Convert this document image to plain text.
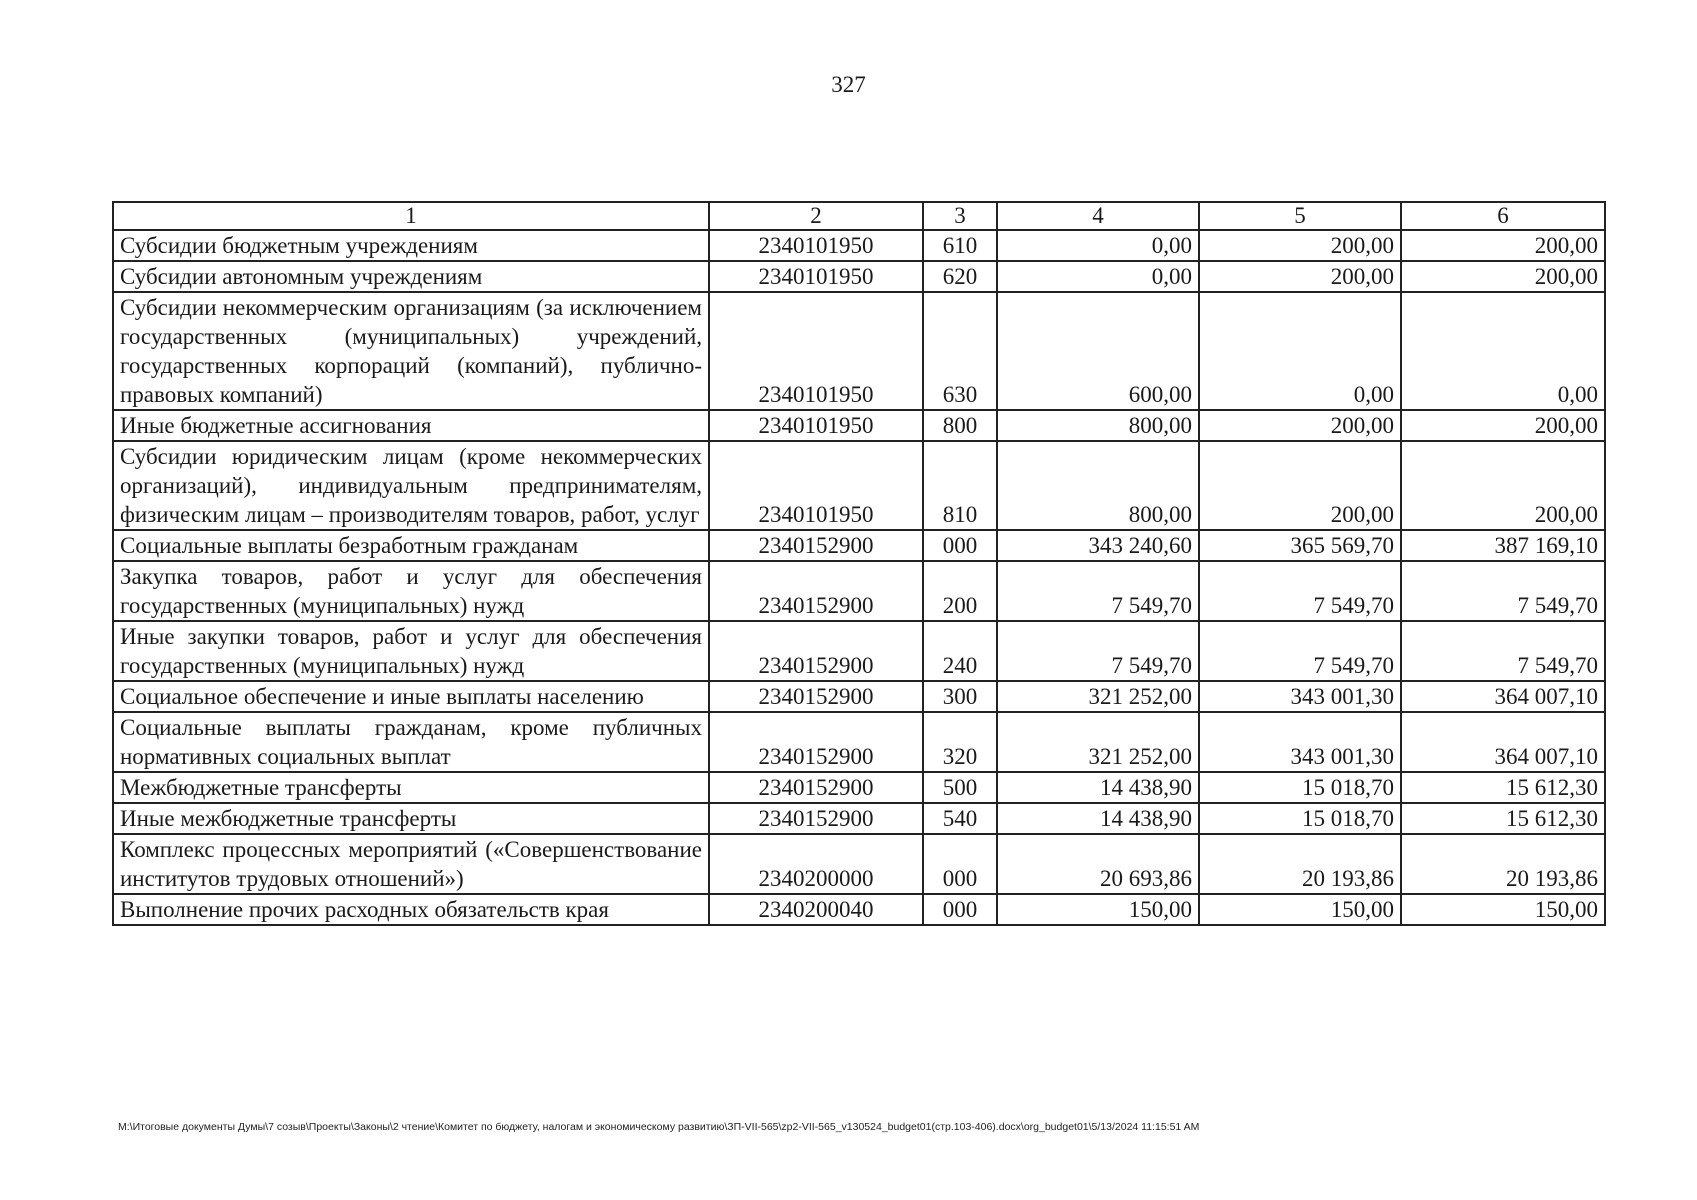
327
1	2	3	4	5	6
Субсидии бюджетным учреждениям	2340101950	610	0,00	200,00	200,00
Субсидии автономным учреждениям	2340101950	620	0,00	200,00	200,00
Субсидии некоммерческим организациям (за исключением государственных (муниципальных) учреждений, государственных корпораций (компаний), публично-правовых компаний)	2340101950	630	600,00	0,00	0,00
Иные бюджетные ассигнования	2340101950	800	800,00	200,00	200,00
Субсидии юридическим лицам (кроме некоммерческих организаций), индивидуальным предпринимателям, физическим лицам – производителям товаров, работ, услуг	2340101950	810	800,00	200,00	200,00
Социальные выплаты безработным гражданам	2340152900	000	343 240,60	365 569,70	387 169,10
Закупка товаров, работ и услуг для обеспечения государственных (муниципальных) нужд	2340152900	200	7 549,70	7 549,70	7 549,70
Иные закупки товаров, работ и услуг для обеспечения государственных (муниципальных) нужд	2340152900	240	7 549,70	7 549,70	7 549,70
Социальное обеспечение и иные выплаты населению	2340152900	300	321 252,00	343 001,30	364 007,10
Социальные выплаты гражданам, кроме публичных нормативных социальных выплат	2340152900	320	321 252,00	343 001,30	364 007,10
Межбюджетные трансферты	2340152900	500	14 438,90	15 018,70	15 612,30
Иные межбюджетные трансферты	2340152900	540	14 438,90	15 018,70	15 612,30
Комплекс процессных мероприятий («Совершенствование институтов трудовых отношений»)	2340200000	000	20 693,86	20 193,86	20 193,86
Выполнение прочих расходных обязательств края	2340200040	000	150,00	150,00	150,00
M:\Итоговые документы Думы\7 созыв\Проекты\Законы\2 чтение\Комитет по бюджету, налогам и экономическому развитию\ЗП-VII-565\zp2-VII-565_v130524_budget01(стр.103-406).docx\org_budget01\5/13/2024 11:15:51 AM
